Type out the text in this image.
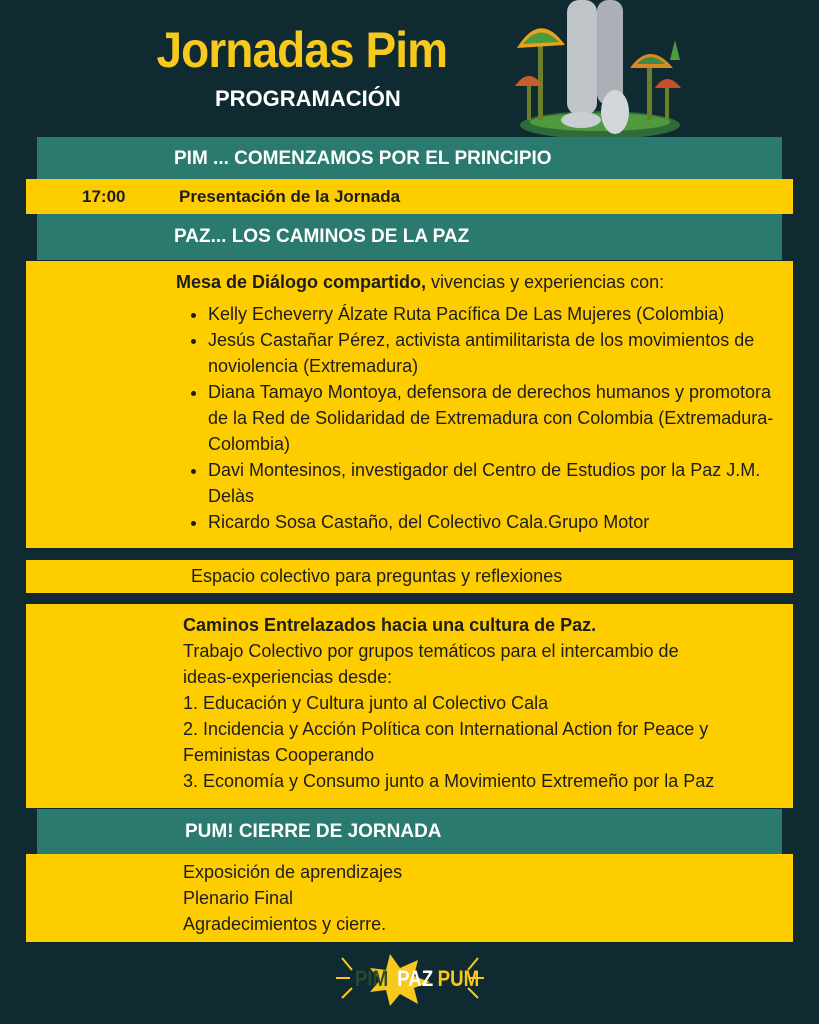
Jornadas Pim
PROGRAMACIÓN
PIM ... COMENZAMOS POR EL PRINCIPIO
17:00	Presentación de la Jornada
PAZ... LOS CAMINOS DE LA PAZ
Mesa de Diálogo compartido, vivencias y experiencias con:
• Kelly Echeverry Álzate Ruta Pacífica De Las Mujeres (Colombia)
• Jesús Castañar Pérez, activista antimilitarista de los movimientos de noviolencia (Extremadura)
• Diana Tamayo Montoya, defensora de derechos humanos y promotora de la Red de Solidaridad de Extremadura con Colombia (Extremadura-Colombia)
• Davi Montesinos, investigador del Centro de Estudios por la Paz J.M. Delàs
• Ricardo Sosa Castaño, del Colectivo Cala.Grupo Motor
Espacio colectivo para preguntas y reflexiones
Caminos Entrelazados hacia una cultura de Paz.
Trabajo Colectivo por grupos temáticos para el intercambio de
ideas-experiencias desde:
1. Educación y Cultura junto al Colectivo Cala
2. Incidencia y Acción Política con International Action for Peace y
Feministas Cooperando
3. Economía y Consumo junto a Movimiento Extremeño por la Paz
PUM! CIERRE DE JORNADA
Exposición de aprendizajes
Plenario Final
Agradecimientos y cierre.
PIM PAZ PUM
